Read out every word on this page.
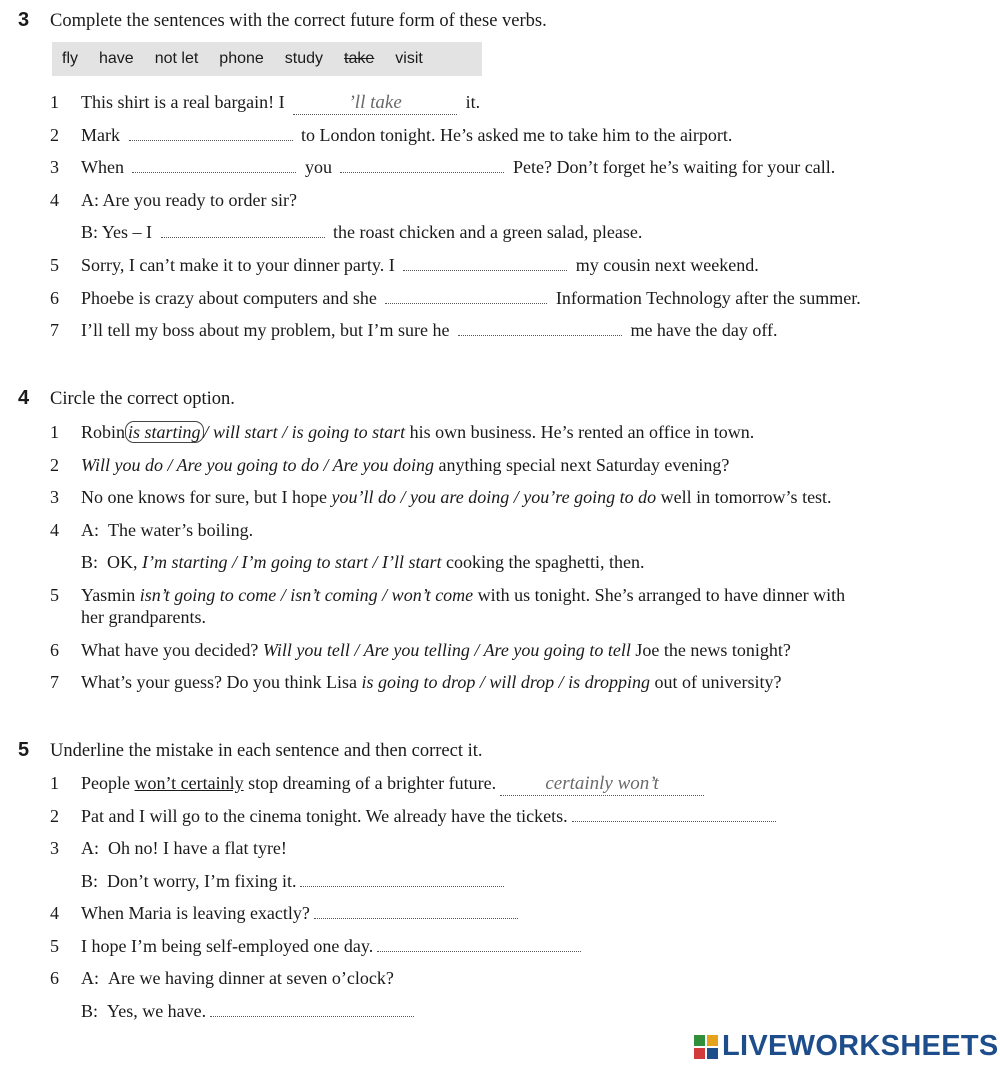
3 Complete the sentences with the correct future form of these verbs.
fly have not let phone study take visit
1 This shirt is a real bargain! I	’ll take	it.
2 Mark	to London tonight. He’s asked me to take him to the airport.
3 When	you	Pete? Don’t forget he’s waiting for your call.
4 A: Are you ready to order sir?
B: Yes – I	the roast chicken and a green salad, please.
5 Sorry, I can’t make it to your dinner party. I	my cousin next weekend.
6 Phoebe is crazy about computers and she	Information Technology after the summer.
7 I’ll tell my boss about my problem, but I’m sure he	me have the day off.
4 Circle the correct option.
1 Robin is starting / will start / is going to start his own business. He’s rented an office in town.
2 Will you do / Are you going to do / Are you doing anything special next Saturday evening?
3 No one knows for sure, but I hope you’ll do / you are doing / you’re going to do well in tomorrow’s test.
4 A:  The water’s boiling.
B:  OK, I’m starting / I’m going to start / I’ll start cooking the spaghetti, then.
5 Yasmin isn’t going to come / isn’t coming / won’t come with us tonight. She’s arranged to have dinner with
her grandparents.
6 What have you decided? Will you tell / Are you telling / Are you going to tell Joe the news tonight?
7 What’s your guess? Do you think Lisa is going to drop / will drop / is dropping out of university?
5 Underline the mistake in each sentence and then correct it.
1 People won’t certainly stop dreaming of a brighter future.	certainly won’t
2 Pat and I will go to the cinema tonight. We already have the tickets.
3 A:  Oh no! I have a flat tyre!
B:  Don’t worry, I’m fixing it.
4 When Maria is leaving exactly?
5 I hope I’m being self-employed one day.
6 A:  Are we having dinner at seven o’clock?
B:  Yes, we have.
LIVEWORKSHEETS
